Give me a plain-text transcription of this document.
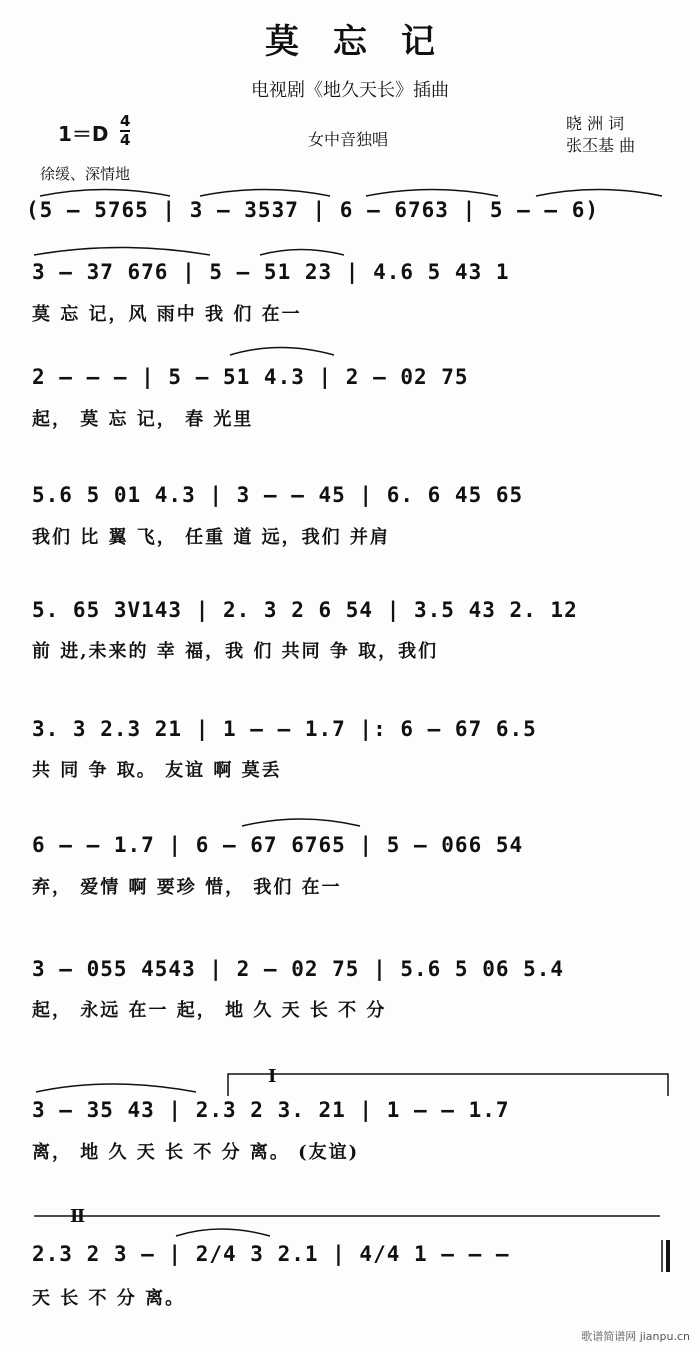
莫忘记
电视剧《地久天长》插曲
1＝D
4
4	女中音独唱
晓 洲 词
张丕基 曲
徐缓、深情地
(5 — 5765 | 3 — 3537 | 6 — 6763 | 5 — — 6)
3 — 37 676 | 5 — 51 23 | 4.6 5 43 1
莫 忘 记，风 雨中 我 们 在一
2 — — — | 5 — 51 4.3 | 2 — 02 75
起， 莫 忘 记， 春 光里
5.6 5 01 4.3 | 3 — — 45 | 6. 6 45 65
我们 比 翼 飞， 任重 道 远，我们 并肩
5. 65 3V143 | 2. 3 2 6 54 | 3.5 43 2. 12
前 进,未来的 幸 福，我 们 共同 争 取，我们
3. 3 2.3 21 | 1 — — 1.7 |: 6 — 67 6.5
共 同 争 取。 友谊 啊 莫丢
6 — — 1.7 | 6 — 67 6765 | 5 — 066 54
弃， 爱情 啊 要珍 惜， 我们 在一
3 — 055 4543 | 2 — 02 75 | 5.6 5 06 5.4
起， 永远 在一 起， 地 久 天 长 不 分
3 — 35 43 | 2.3 2 3. 21 | 1 — — 1.7
离， 地 久 天 长 不 分 离。 (友谊)
2.3 2 3 — | 2/4 3 2.1 | 4/4 1 — — —
天 长 不 分 离。
Ⅰ
Ⅱ
歌谱简谱网 jianpu.cn
